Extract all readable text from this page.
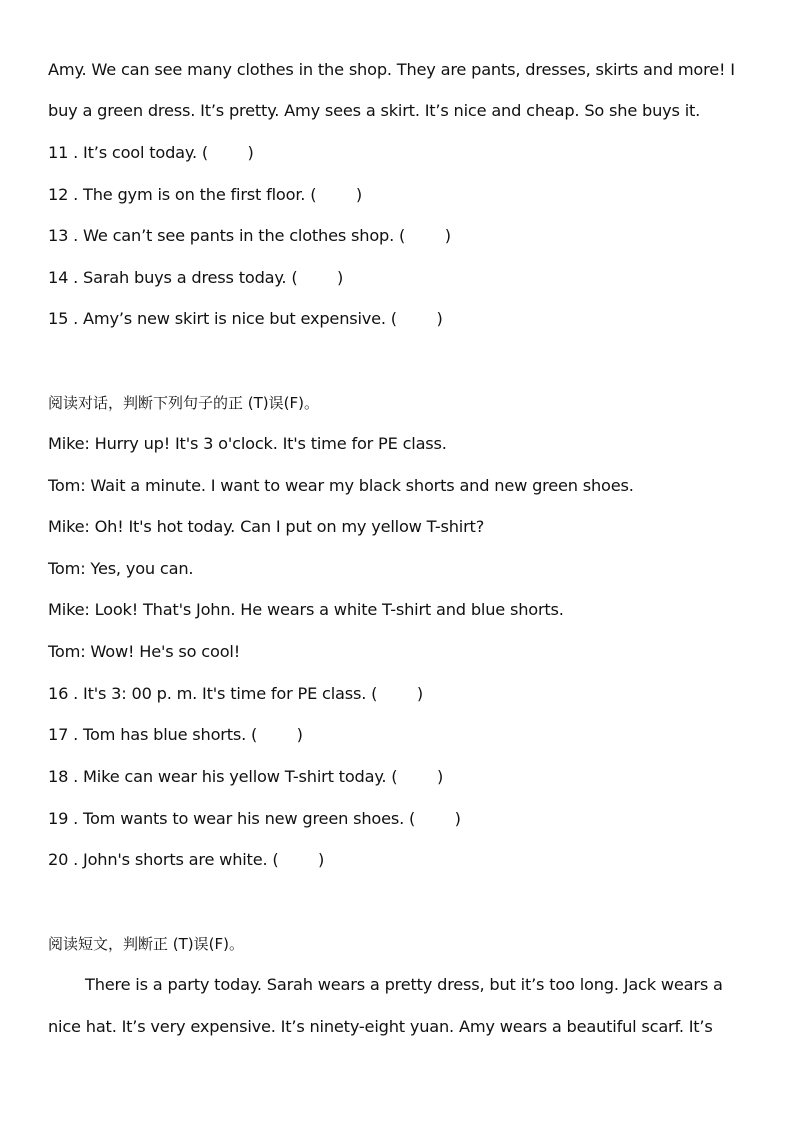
Amy. We can see many clothes in the shop. They are pants, dresses, skirts and more! I
buy a green dress. It’s pretty. Amy sees a skirt. It’s nice and cheap. So she buys it.
11 . It’s cool today. (        )
12 . The gym is on the first floor. (        )
13 . We can’t see pants in the clothes shop. (        )
14 . Sarah buys a dress today. (        )
15 . Amy’s new skirt is nice but expensive. (        )
阅读对话，判断下列句子的正 (T)误(F)。
Mike: Hurry up! It's 3 o'clock. It's time for PE class.
Tom: Wait a minute. I want to wear my black shorts and new green shoes.
Mike: Oh! It's hot today. Can I put on my yellow T-shirt?
Tom: Yes, you can.
Mike: Look! That's John. He wears a white T-shirt and blue shorts.
Tom: Wow! He's so cool!
16 . It's 3: 00 p. m. It's time for PE class. (        )
17 . Tom has blue shorts. (        )
18 . Mike can wear his yellow T-shirt today. (        )
19 . Tom wants to wear his new green shoes. (        )
20 . John's shorts are white. (        )
阅读短文，判断正 (T)误(F)。
There is a party today. Sarah wears a pretty dress, but it’s too long. Jack wears a
nice hat. It’s very expensive. It’s ninety-eight yuan. Amy wears a beautiful scarf. It’s
